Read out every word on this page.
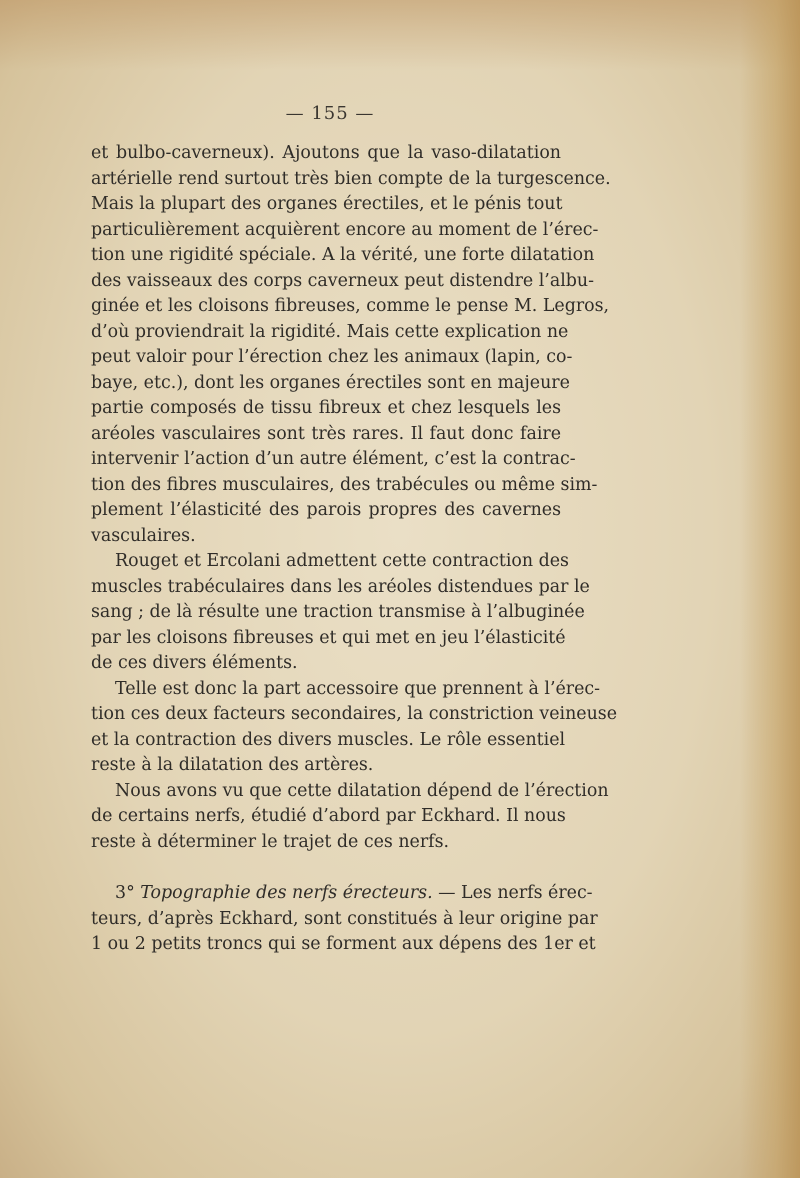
— 155 —
et bulbo-caverneux). Ajoutons que la vaso-dilatation
artérielle rend surtout très bien compte de la turgescence.
Mais la plupart des organes érectiles, et le pénis tout
particulièrement acquièrent encore au moment de l’érec-
tion une rigidité spéciale. A la vérité, une forte dilatation
des vaisseaux des corps caverneux peut distendre l’albu-
ginée et les cloisons fibreuses, comme le pense M. Legros,
d’où proviendrait la rigidité. Mais cette explication ne
peut valoir pour l’érection chez les animaux (lapin, co-
baye, etc.), dont les organes érectiles sont en majeure
partie composés de tissu fibreux et chez lesquels les
aréoles vasculaires sont très rares. Il faut donc faire
intervenir l’action d’un autre élément, c’est la contrac-
tion des fibres musculaires, des trabécules ou même sim-
plement l’élasticité des parois propres des cavernes
vasculaires.
Rouget et Ercolani admettent cette contraction des
muscles trabéculaires dans les aréoles distendues par le
sang ; de là résulte une traction transmise à l’albuginée
par les cloisons fibreuses et qui met en jeu l’élasticité
de ces divers éléments.
Telle est donc la part accessoire que prennent à l’érec-
tion ces deux facteurs secondaires, la constriction veineuse
et la contraction des divers muscles. Le rôle essentiel
reste à la dilatation des artères.
Nous avons vu que cette dilatation dépend de l’érection
de certains nerfs, étudié d’abord par Eckhard. Il nous
reste à déterminer le trajet de ces nerfs.
3° Topographie des nerfs érecteurs. — Les nerfs érec-
teurs, d’après Eckhard, sont constitués à leur origine par
1 ou 2 petits troncs qui se forment aux dépens des 1er et
